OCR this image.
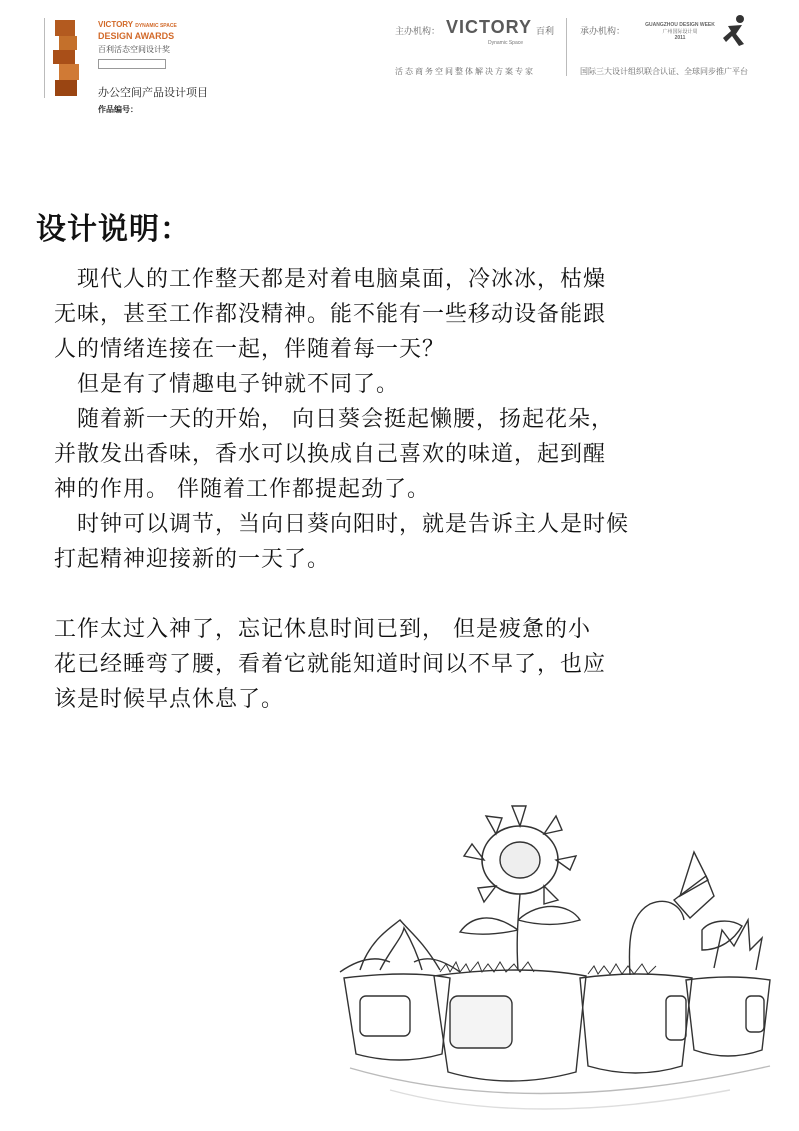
VICTORY DYNAMIC SPACE
DESIGN AWARDS
百利活态空间设计奖
办公空间产品设计项目
作品编号：
主办机构： VICTORY 百利
Dynamic Space
活态商务空间整体解决方案专家
承办机构：
GUANGZHOU DESIGN WEEK
广州国际设计周
2011
国际三大设计组织联合认证、全球同步推广平台
设计说明：

　现代人的工作整天都是对着电脑桌面，冷冰冰，枯燥

无味，甚至工作都没精神。能不能有一些移动设备能跟

人的情绪连接在一起，伴随着每一天？

　但是有了情趣电子钟就不同了。

　随着新一天的开始， 向日葵会挺起懒腰，扬起花朵，

并散发出香味，香水可以换成自己喜欢的味道，起到醒

神的作用。 伴随着工作都提起劲了。

　时钟可以调节，当向日葵向阳时，就是告诉主人是时候

打起精神迎接新的一天了。

工作太过入神了，忘记休息时间已到， 但是疲惫的小

花已经睡弯了腰，看着它就能知道时间以不早了，也应

该是时候早点休息了。
